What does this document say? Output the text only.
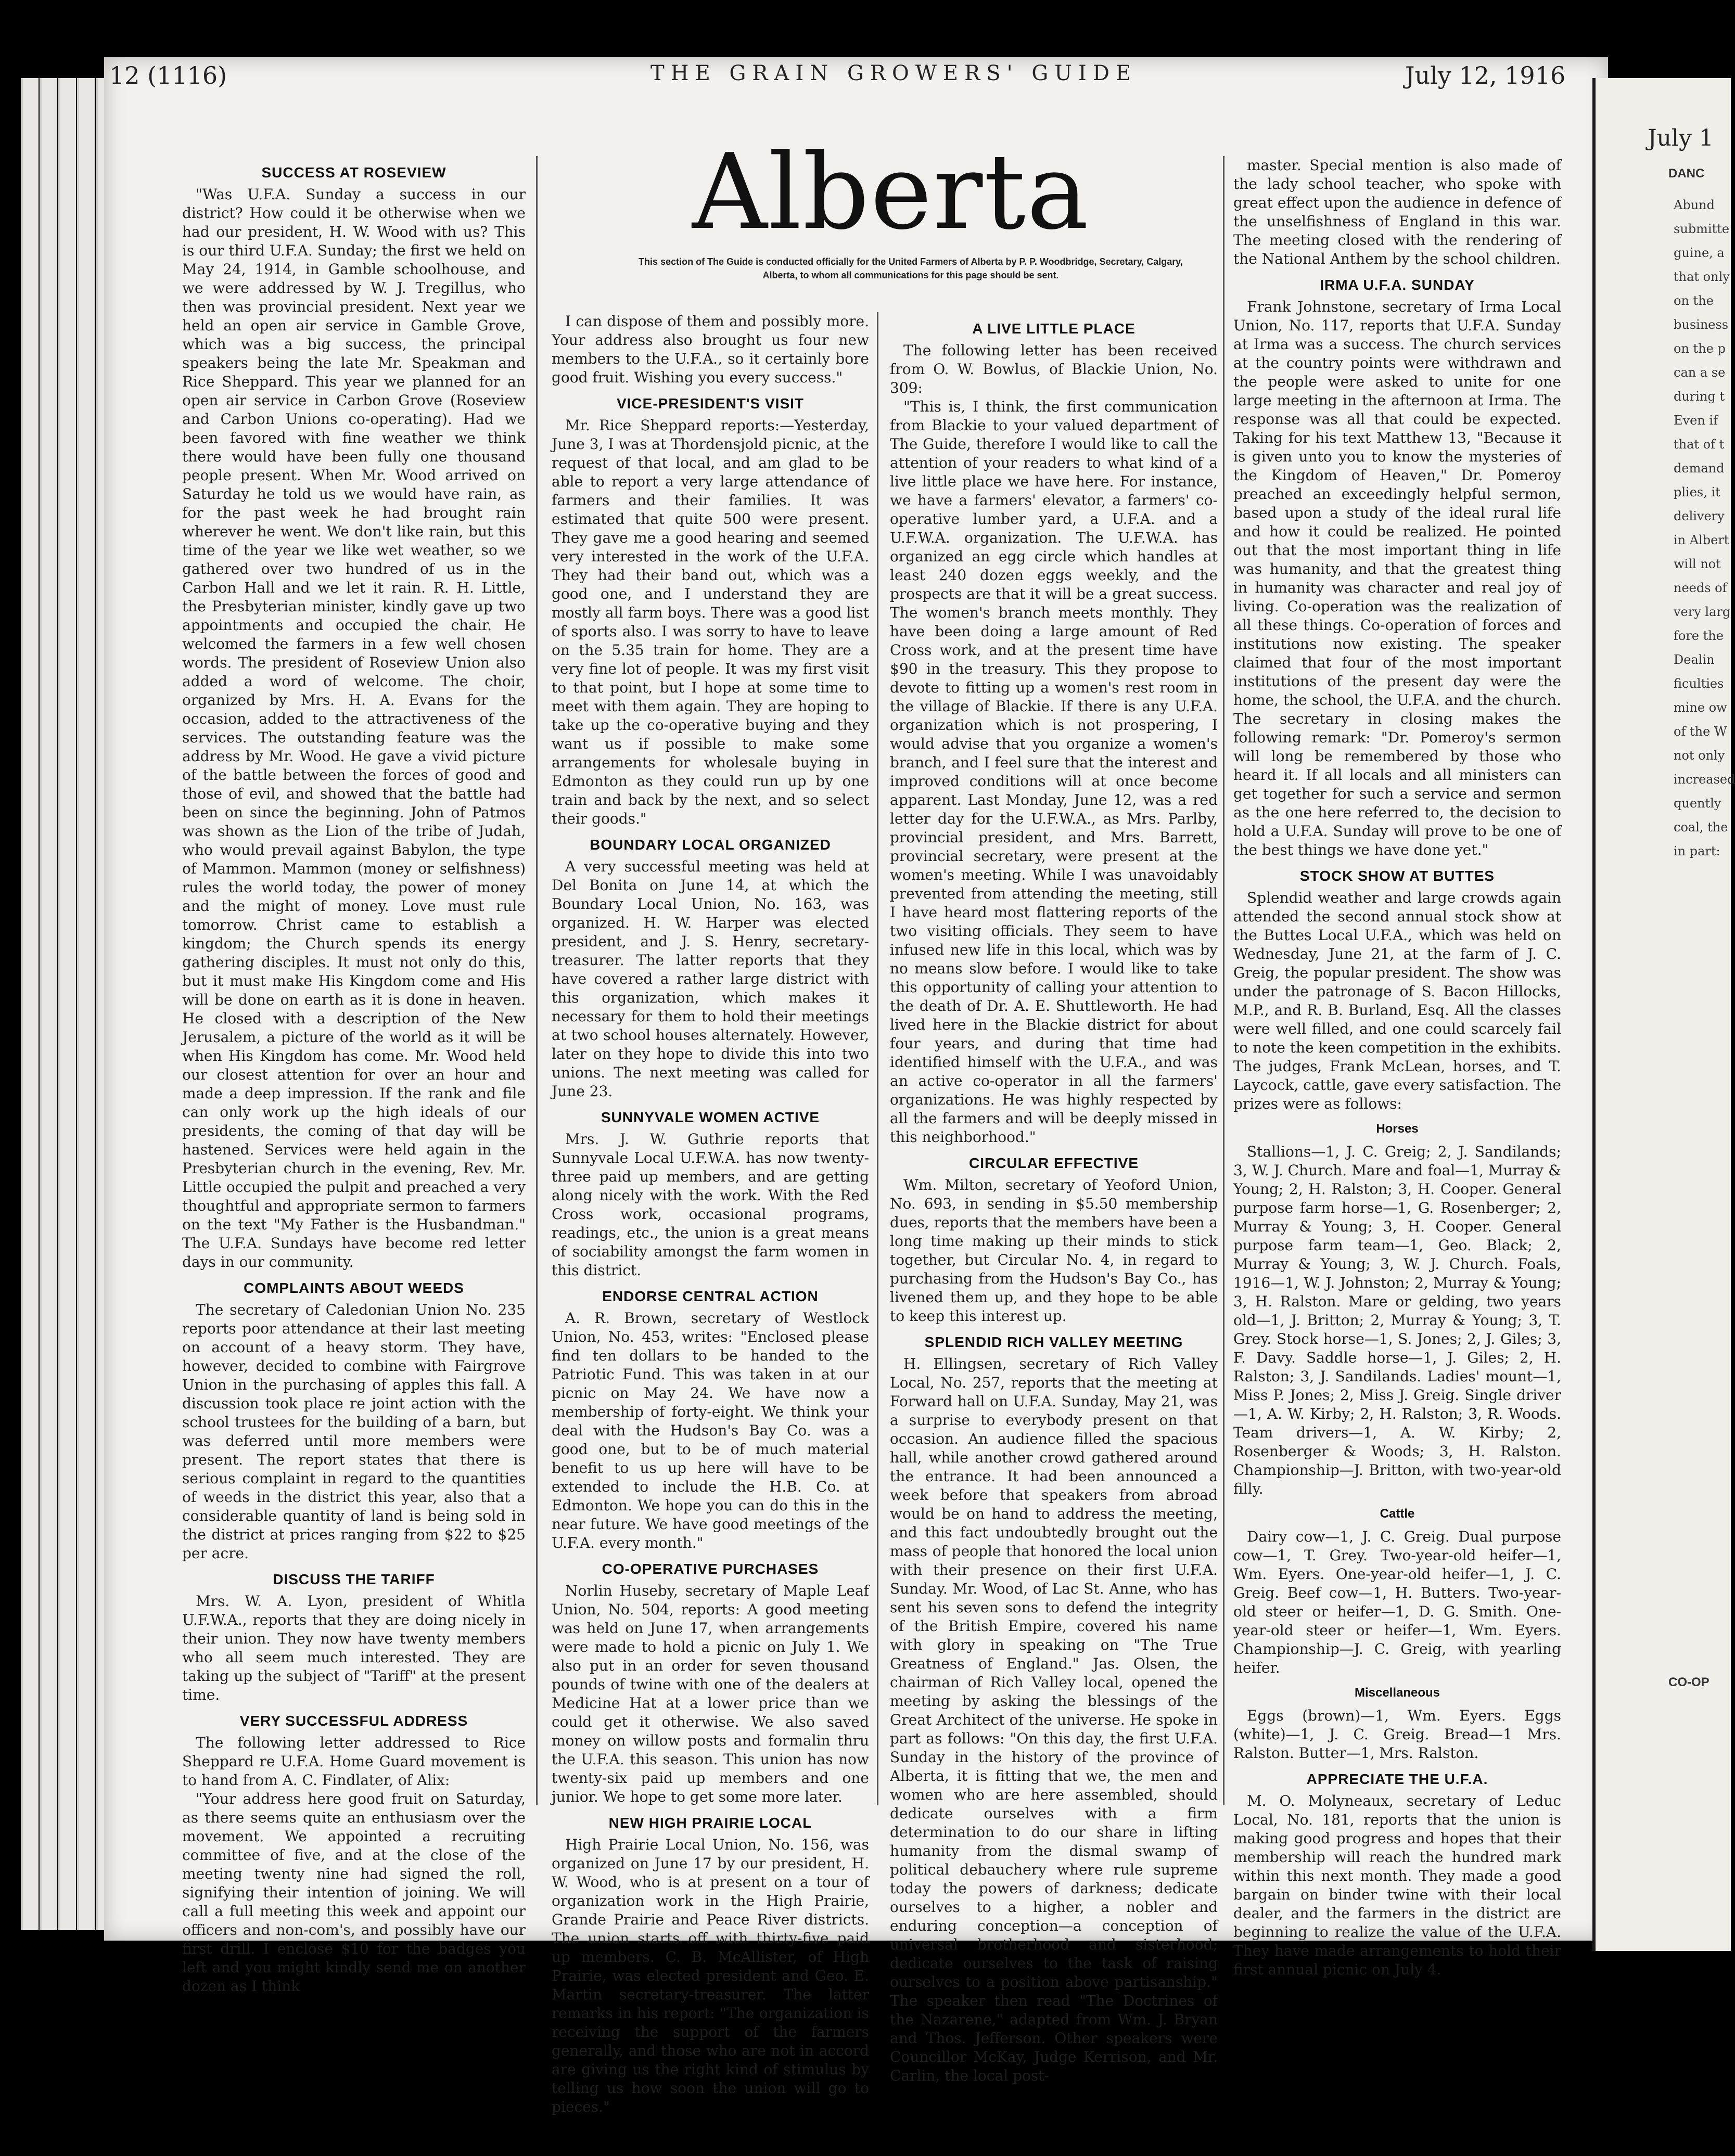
July 1
DANC
Abund
submitte
guine, a
that only
on the
business
on the p
can a se
during t
Even if
that of t
demand
plies, it
delivery
in Albert
will not
needs of
very larg
fore the
Dealin
ficulties
mine ow
of the W
not only
increased
quently
coal, the
in part:
CO-OP
12 (1116)	THE GRAIN GROWERS' GUIDE	July 12, 1916
Alberta
This section of The Guide is conducted officially for the United Farmers of Alberta by P. P. Woodbridge, Secretary, Calgary, Alberta, to whom all communications for this page should be sent.
SUCCESS AT ROSEVIEW

"Was U.F.A. Sunday a success in our district? How could it be otherwise when we had our president, H. W. Wood with us? This is our third U.F.A. Sunday; the first we held on May 24, 1914, in Gamble schoolhouse, and we were addressed by W. J. Tregillus, who then was provincial president. Next year we held an open air service in Gamble Grove, which was a big success, the principal speakers being the late Mr. Speakman and Rice Sheppard. This year we planned for an open air service in Carbon Grove (Roseview and Carbon Unions co-operating). Had we been favored with fine weather we think there would have been fully one thousand people present. When Mr. Wood arrived on Saturday he told us we would have rain, as for the past week he had brought rain wherever he went. We don't like rain, but this time of the year we like wet weather, so we gathered over two hundred of us in the Carbon Hall and we let it rain. R. H. Little, the Presbyterian minister, kindly gave up two appointments and occupied the chair. He welcomed the farmers in a few well chosen words. The president of Roseview Union also added a word of welcome. The choir, organized by Mrs. H. A. Evans for the occasion, added to the attractiveness of the services. The outstanding feature was the address by Mr. Wood. He gave a vivid picture of the battle between the forces of good and those of evil, and showed that the battle had been on since the beginning. John of Patmos was shown as the Lion of the tribe of Judah, who would prevail against Babylon, the type of Mammon. Mammon (money or selfishness) rules the world today, the power of money and the might of money. Love must rule tomorrow. Christ came to establish a kingdom; the Church spends its energy gathering disciples. It must not only do this, but it must make His Kingdom come and His will be done on earth as it is done in heaven. He closed with a description of the New Jerusalem, a picture of the world as it will be when His Kingdom has come. Mr. Wood held our closest attention for over an hour and made a deep impression. If the rank and file can only work up the high ideals of our presidents, the coming of that day will be hastened. Services were held again in the Presbyterian church in the evening, Rev. Mr. Little occupied the pulpit and preached a very thoughtful and appropriate sermon to farmers on the text "My Father is the Husbandman." The U.F.A. Sundays have become red letter days in our community.

COMPLAINTS ABOUT WEEDS

The secretary of Caledonian Union No. 235 reports poor attendance at their last meeting on account of a heavy storm. They have, however, decided to combine with Fairgrove Union in the purchasing of apples this fall. A discussion took place re joint action with the school trustees for the building of a barn, but was deferred until more members were present. The report states that there is serious complaint in regard to the quantities of weeds in the district this year, also that a considerable quantity of land is being sold in the district at prices ranging from $22 to $25 per acre.

DISCUSS THE TARIFF

Mrs. W. A. Lyon, president of Whitla U.F.W.A., reports that they are doing nicely in their union. They now have twenty members who all seem much interested. They are taking up the subject of "Tariff" at the present time.

VERY SUCCESSFUL ADDRESS

The following letter addressed to Rice Sheppard re U.F.A. Home Guard movement is to hand from A. C. Findlater, of Alix:

"Your address here good fruit on Saturday, as there seems quite an enthusiasm over the movement. We appointed a recruiting committee of five, and at the close of the meeting twenty nine had signed the roll, signifying their intention of joining. We will call a full meeting this week and appoint our officers and non-com's, and possibly have our first drill. I enclose $10 for the badges you left and you might kindly send me on another dozen as I think

I can dispose of them and possibly more. Your address also brought us four new members to the U.F.A., so it certainly bore good fruit. Wishing you every success."

VICE-PRESIDENT'S VISIT

Mr. Rice Sheppard reports:—Yesterday, June 3, I was at Thordensjold picnic, at the request of that local, and am glad to be able to report a very large attendance of farmers and their families. It was estimated that quite 500 were present. They gave me a good hearing and seemed very interested in the work of the U.F.A. They had their band out, which was a good one, and I understand they are mostly all farm boys. There was a good list of sports also. I was sorry to have to leave on the 5.35 train for home. They are a very fine lot of people. It was my first visit to that point, but I hope at some time to meet with them again. They are hoping to take up the co-operative buying and they want us if possible to make some arrangements for wholesale buying in Edmonton as they could run up by one train and back by the next, and so select their goods."

BOUNDARY LOCAL ORGANIZED

A very successful meeting was held at Del Bonita on June 14, at which the Boundary Local Union, No. 163, was organized. H. W. Harper was elected president, and J. S. Henry, secretary-treasurer. The latter reports that they have covered a rather large district with this organization, which makes it necessary for them to hold their meetings at two school houses alternately. However, later on they hope to divide this into two unions. The next meeting was called for June 23.

SUNNYVALE WOMEN ACTIVE

Mrs. J. W. Guthrie reports that Sunnyvale Local U.F.W.A. has now twenty-three paid up members, and are getting along nicely with the work. With the Red Cross work, occasional programs, readings, etc., the union is a great means of sociability amongst the farm women in this district.

ENDORSE CENTRAL ACTION

A. R. Brown, secretary of Westlock Union, No. 453, writes: "Enclosed please find ten dollars to be handed to the Patriotic Fund. This was taken in at our picnic on May 24. We have now a membership of forty-eight. We think your deal with the Hudson's Bay Co. was a good one, but to be of much material benefit to us up here will have to be extended to include the H.B. Co. at Edmonton. We hope you can do this in the near future. We have good meetings of the U.F.A. every month."

CO-OPERATIVE PURCHASES

Norlin Huseby, secretary of Maple Leaf Union, No. 504, reports: A good meeting was held on June 17, when arrangements were made to hold a picnic on July 1. We also put in an order for seven thousand pounds of twine with one of the dealers at Medicine Hat at a lower price than we could get it otherwise. We also saved money on willow posts and formalin thru the U.F.A. this season. This union has now twenty-six paid up members and one junior. We hope to get some more later.

NEW HIGH PRAIRIE LOCAL

High Prairie Local Union, No. 156, was organized on June 17 by our president, H. W. Wood, who is at present on a tour of organization work in the High Prairie, Grande Prairie and Peace River districts. The union starts off with thirty-five paid up members. C. B. McAllister, of High Prairie, was elected president and Geo. E. Martin secretary-treasurer. The latter remarks in his report: "The organization is receiving the support of the farmers generally, and those who are not in accord are giving us the right kind of stimulus by telling us how soon the union will go to pieces."

A LIVE LITTLE PLACE

The following letter has been received from O. W. Bowlus, of Blackie Union, No. 309:

"This is, I think, the first communication from Blackie to your valued department of The Guide, therefore I would like to call the attention of your readers to what kind of a live little place we have here. For instance, we have a farmers' elevator, a farmers' co-operative lumber yard, a U.F.A. and a U.F.W.A. organization. The U.F.W.A. has organized an egg circle which handles at least 240 dozen eggs weekly, and the prospects are that it will be a great success. The women's branch meets monthly. They have been doing a large amount of Red Cross work, and at the present time have $90 in the treasury. This they propose to devote to fitting up a women's rest room in the village of Blackie. If there is any U.F.A. organization which is not prospering, I would advise that you organize a women's branch, and I feel sure that the interest and improved conditions will at once become apparent. Last Monday, June 12, was a red letter day for the U.F.W.A., as Mrs. Parlby, provincial president, and Mrs. Barrett, provincial secretary, were present at the women's meeting. While I was unavoidably prevented from attending the meeting, still I have heard most flattering reports of the two visiting officials. They seem to have infused new life in this local, which was by no means slow before. I would like to take this opportunity of calling your attention to the death of Dr. A. E. Shuttleworth. He had lived here in the Blackie district for about four years, and during that time had identified himself with the U.F.A., and was an active co-operator in all the farmers' organizations. He was highly respected by all the farmers and will be deeply missed in this neighborhood."

CIRCULAR EFFECTIVE

Wm. Milton, secretary of Yeoford Union, No. 693, in sending in $5.50 membership dues, reports that the members have been a long time making up their minds to stick together, but Circular No. 4, in regard to purchasing from the Hudson's Bay Co., has livened them up, and they hope to be able to keep this interest up.

SPLENDID RICH VALLEY MEETING

H. Ellingsen, secretary of Rich Valley Local, No. 257, reports that the meeting at Forward hall on U.F.A. Sunday, May 21, was a surprise to everybody present on that occasion. An audience filled the spacious hall, while another crowd gathered around the entrance. It had been announced a week before that speakers from abroad would be on hand to address the meeting, and this fact undoubtedly brought out the mass of people that honored the local union with their presence on their first U.F.A. Sunday. Mr. Wood, of Lac St. Anne, who has sent his seven sons to defend the integrity of the British Empire, covered his name with glory in speaking on "The True Greatness of England." Jas. Olsen, the chairman of Rich Valley local, opened the meeting by asking the blessings of the Great Architect of the universe. He spoke in part as follows: "On this day, the first U.F.A. Sunday in the history of the province of Alberta, it is fitting that we, the men and women who are here assembled, should dedicate ourselves with a firm determination to do our share in lifting humanity from the dismal swamp of political debauchery where rule supreme today the powers of darkness; dedicate ourselves to a higher, a nobler and enduring conception—a conception of universal brotherhood and sisterhood; dedicate ourselves to the task of raising ourselves to a position above partisanship." The speaker then read "The Doctrines of the Nazarene," adapted from Wm. J. Bryan and Thos. Jefferson. Other speakers were Councillor McKay, Judge Kerrison, and Mr. Carlin, the local post-

master. Special mention is also made of the lady school teacher, who spoke with great effect upon the audience in defence of the unselfishness of England in this war. The meeting closed with the rendering of the National Anthem by the school children.

IRMA U.F.A. SUNDAY

Frank Johnstone, secretary of Irma Local Union, No. 117, reports that U.F.A. Sunday at Irma was a success. The church services at the country points were withdrawn and the people were asked to unite for one large meeting in the afternoon at Irma. The response was all that could be expected. Taking for his text Matthew 13, "Because it is given unto you to know the mysteries of the Kingdom of Heaven," Dr. Pomeroy preached an exceedingly helpful sermon, based upon a study of the ideal rural life and how it could be realized. He pointed out that the most important thing in life was humanity, and that the greatest thing in humanity was character and real joy of living. Co-operation was the realization of all these things. Co-operation of forces and institutions now existing. The speaker claimed that four of the most important institutions of the present day were the home, the school, the U.F.A. and the church. The secretary in closing makes the following remark: "Dr. Pomeroy's sermon will long be remembered by those who heard it. If all locals and all ministers can get together for such a service and sermon as the one here referred to, the decision to hold a U.F.A. Sunday will prove to be one of the best things we have done yet."

STOCK SHOW AT BUTTES

Splendid weather and large crowds again attended the second annual stock show at the Buttes Local U.F.A., which was held on Wednesday, June 21, at the farm of J. C. Greig, the popular president. The show was under the patronage of S. Bacon Hillocks, M.P., and R. B. Burland, Esq. All the classes were well filled, and one could scarcely fail to note the keen competition in the exhibits. The judges, Frank McLean, horses, and T. Laycock, cattle, gave every satisfaction. The prizes were as follows:

Horses

Stallions—1, J. C. Greig; 2, J. Sandilands; 3, W. J. Church. Mare and foal—1, Murray & Young; 2, H. Ralston; 3, H. Cooper. General purpose farm horse—1, G. Rosenberger; 2, Murray & Young; 3, H. Cooper. General purpose farm team—1, Geo. Black; 2, Murray & Young; 3, W. J. Church. Foals, 1916—1, W. J. Johnston; 2, Murray & Young; 3, H. Ralston. Mare or gelding, two years old—1, J. Britton; 2, Murray & Young; 3, T. Grey. Stock horse—1, S. Jones; 2, J. Giles; 3, F. Davy. Saddle horse—1, J. Giles; 2, H. Ralston; 3, J. Sandilands. Ladies' mount—1, Miss P. Jones; 2, Miss J. Greig. Single driver—1, A. W. Kirby; 2, H. Ralston; 3, R. Woods. Team drivers—1, A. W. Kirby; 2, Rosenberger & Woods; 3, H. Ralston. Championship—J. Britton, with two-year-old filly.

Cattle

Dairy cow—1, J. C. Greig. Dual purpose cow—1, T. Grey. Two-year-old heifer—1, Wm. Eyers. One-year-old heifer—1, J. C. Greig. Beef cow—1, H. Butters. Two-year-old steer or heifer—1, D. G. Smith. One-year-old steer or heifer—1, Wm. Eyers. Championship—J. C. Greig, with yearling heifer.

Miscellaneous

Eggs (brown)—1, Wm. Eyers. Eggs (white)—1, J. C. Greig. Bread—1 Mrs. Ralston. Butter—1, Mrs. Ralston.

APPRECIATE THE U.F.A.

M. O. Molyneaux, secretary of Leduc Local, No. 181, reports that the union is making good progress and hopes that their membership will reach the hundred mark within this next month. They made a good bargain on binder twine with their local dealer, and the farmers in the district are beginning to realize the value of the U.F.A. They have made arrangements to hold their first annual picnic on July 4.
